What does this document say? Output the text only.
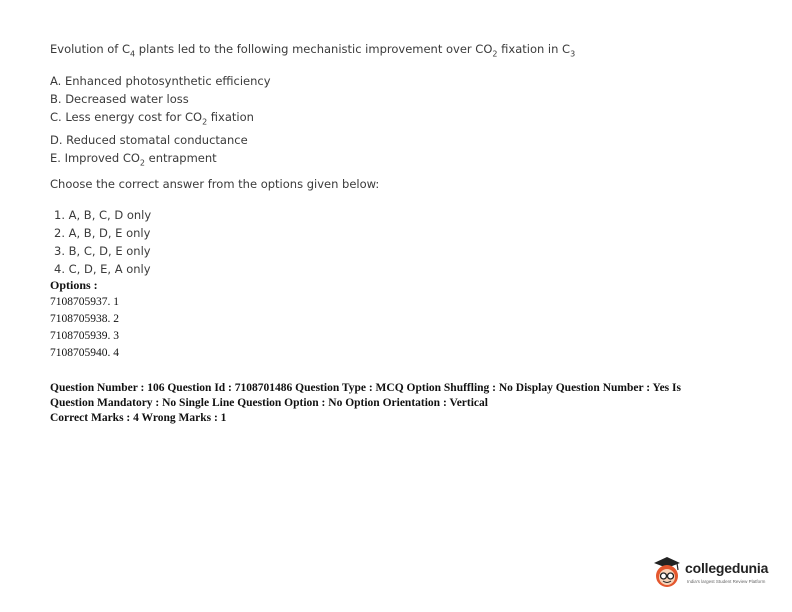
Evolution of $C_4$ plants led to the following mechanistic improvement over $CO_2$ fixation in $C_3$
A. Enhanced photosynthetic efficiency
B. Decreased water loss
C. Less energy cost for $CO_2$ fixation
D. Reduced stomatal conductance
E. Improved $CO_2$ entrapment
Choose the correct answer from the options given below:
1. A, B, C, D only
2. A, B, D, E only
3. B, C, D, E only
4. C, D, E, A only
Options :
7108705937. 1
7108705938. 2
7108705939. 3
7108705940. 4
Question Number : 106 Question Id : 7108701486 Question Type : MCQ Option Shuffling : No Display Question Number : Yes Is
Question Mandatory : No Single Line Question Option : No Option Orientation : Vertical
Correct Marks : 4 Wrong Marks : 1
collegedunia
India's largest Student Review Platform
